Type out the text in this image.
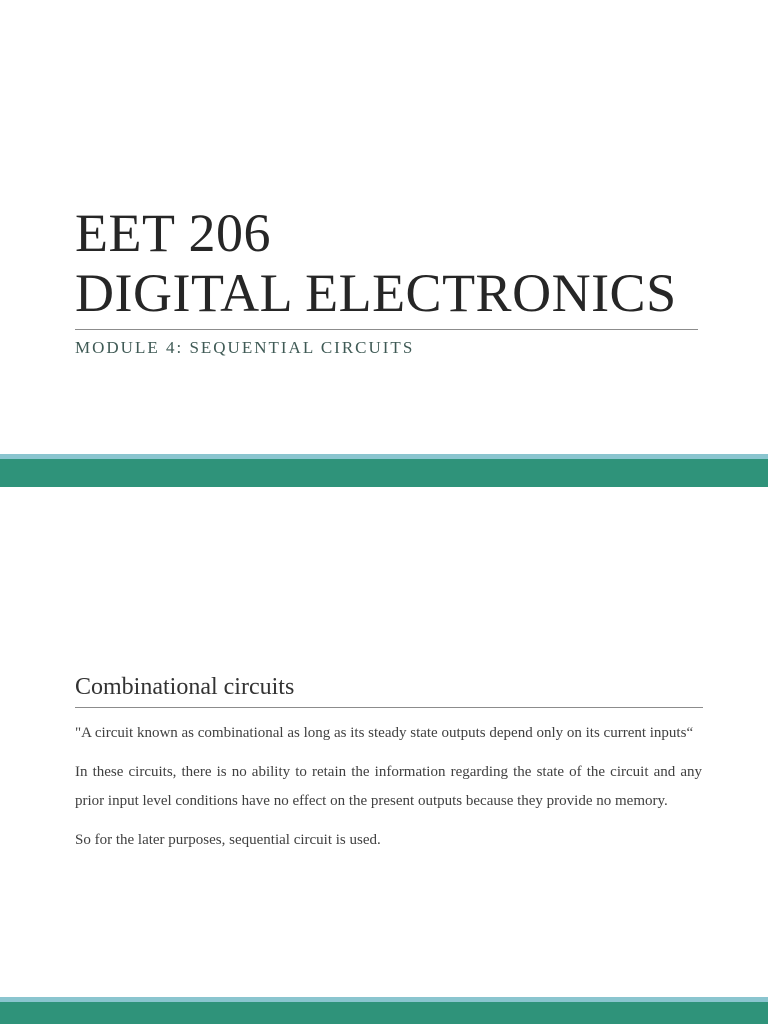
EET 206
DIGITAL ELECTRONICS

MODULE 4: SEQUENTIAL CIRCUITS

Combinational circuits

"A circuit known as combinational as long as its steady state outputs depend only on its current inputs“

In these circuits, there is no ability to retain the information regarding the state of the circuit and any prior input level conditions have no effect on the present outputs because they provide no memory.

So for the later purposes, sequential circuit is used.
